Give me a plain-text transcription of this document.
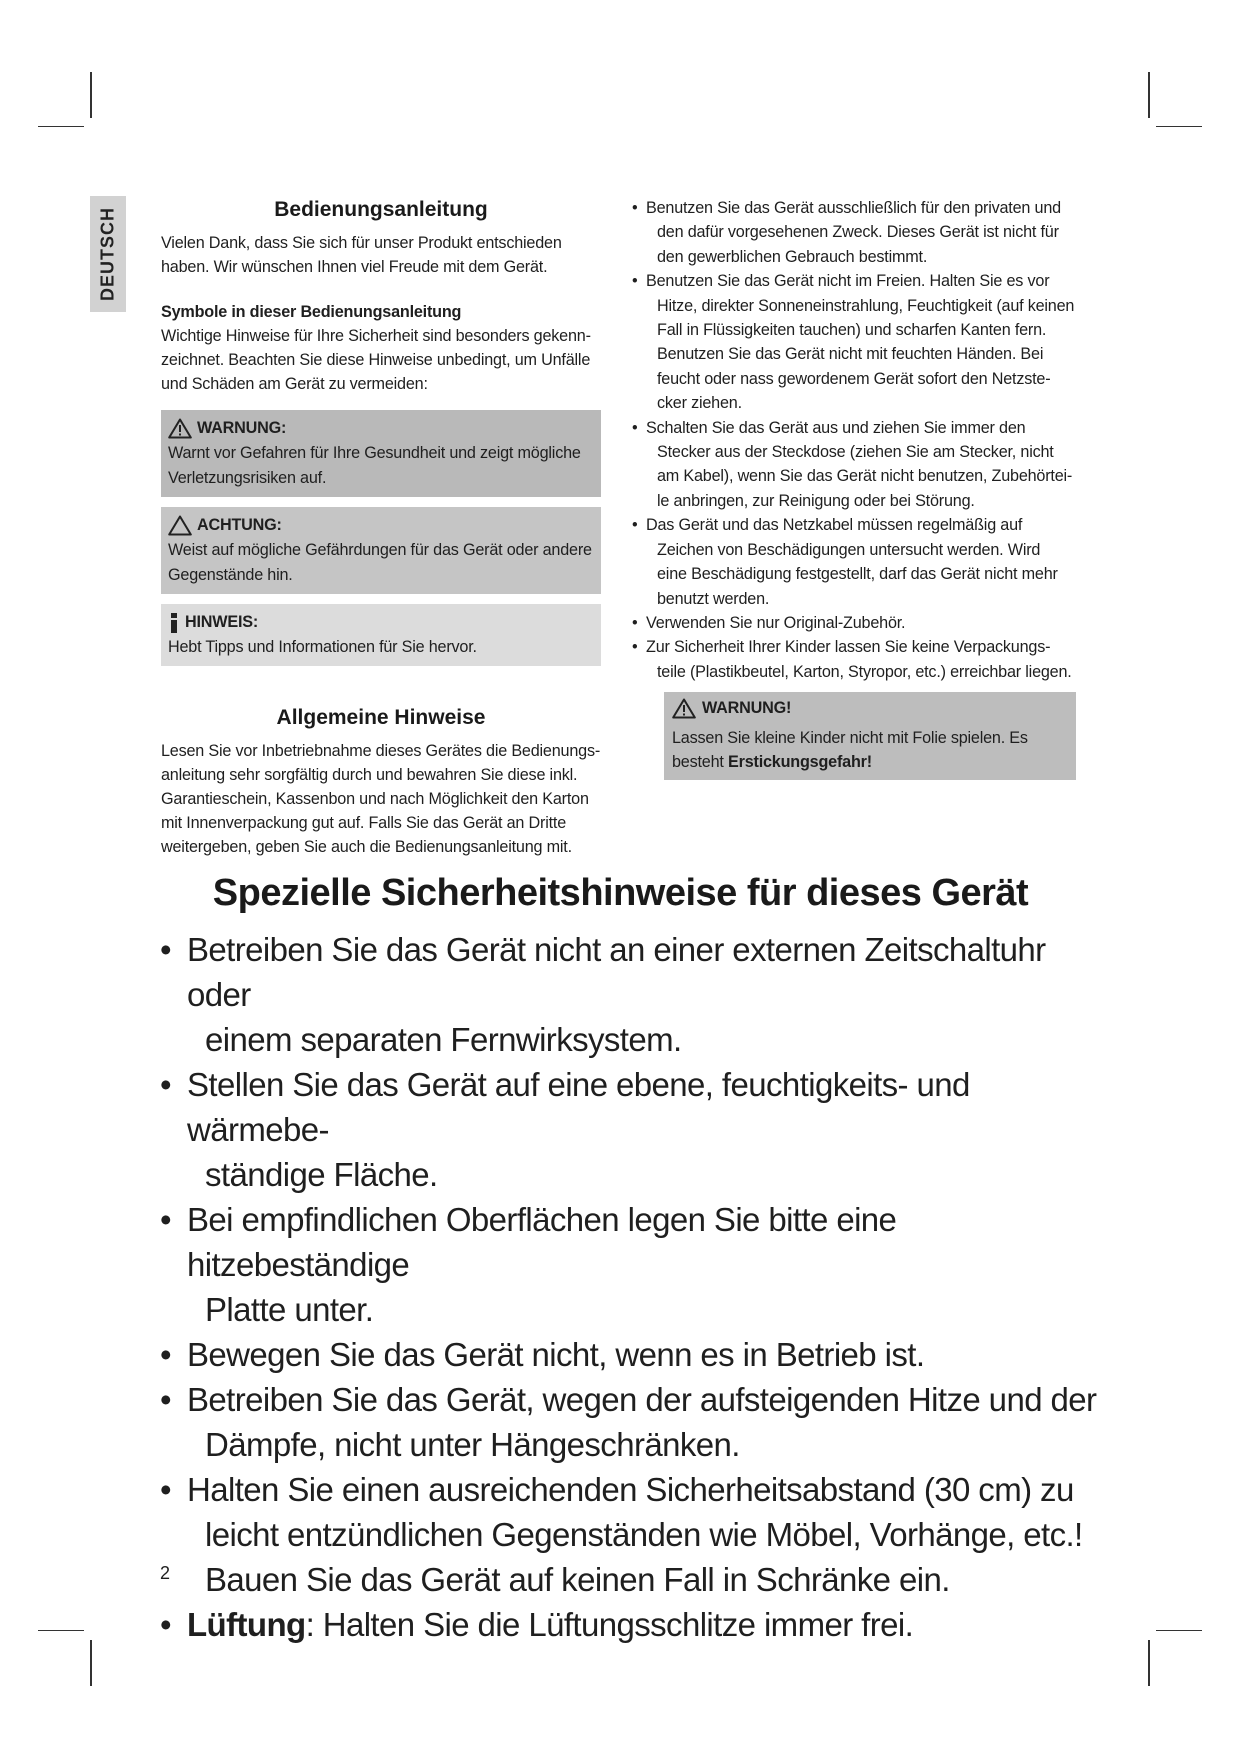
DEUTSCH	Bedienungsanleitung

Vielen Dank, dass Sie sich für unser Produkt entschieden
haben. Wir wünschen Ihnen viel Freude mit dem Gerät.

Symbole in dieser Bedienungsanleitung

Wichtige Hinweise für Ihre Sicherheit sind besonders gekenn-
zeichnet. Beachten Sie diese Hinweise unbedingt, um Unfälle
und Schäden am Gerät zu vermeiden:

WARNUNG:
Warnt vor Gefahren für Ihre Gesundheit und zeigt mögliche
Verletzungsrisiken auf.
ACHTUNG:
Weist auf mögliche Gefährdungen für das Gerät oder andere
Gegenstände hin.
HINWEIS:
Hebt Tipps und Informationen für Sie hervor.
Allgemeine Hinweise

Lesen Sie vor Inbetriebnahme dieses Gerätes die Bedienungs-
anleitung sehr sorgfältig durch und bewahren Sie diese inkl.
Garantieschein, Kassenbon und nach Möglichkeit den Karton
mit Innenverpackung gut auf. Falls Sie das Gerät an Dritte
weitergeben, geben Sie auch die Bedienungsanleitung mit.

• Benutzen Sie das Gerät ausschließlich für den privaten und
den dafür vorgesehenen Zweck. Dieses Gerät ist nicht für
den gewerblichen Gebrauch bestimmt.
• Benutzen Sie das Gerät nicht im Freien. Halten Sie es vor
Hitze, direkter Sonneneinstrahlung, Feuchtigkeit (auf keinen
Fall in Flüssigkeiten tauchen) und scharfen Kanten fern.
Benutzen Sie das Gerät nicht mit feuchten Händen. Bei
feucht oder nass gewordenem Gerät sofort den Netzste-
cker ziehen.
• Schalten Sie das Gerät aus und ziehen Sie immer den
Stecker aus der Steckdose (ziehen Sie am Stecker, nicht
am Kabel), wenn Sie das Gerät nicht benutzen, Zubehörtei-
le anbringen, zur Reinigung oder bei Störung.
• Das Gerät und das Netzkabel müssen regelmäßig auf
Zeichen von Beschädigungen untersucht werden. Wird
eine Beschädigung festgestellt, darf das Gerät nicht mehr
benutzt werden.
• Verwenden Sie nur Original-Zubehör.
• Zur Sicherheit Ihrer Kinder lassen Sie keine Verpackungs-
teile (Plastikbeutel, Karton, Styropor, etc.) erreichbar liegen.
WARNUNG!
Lassen Sie kleine Kinder nicht mit Folie spielen. Es
besteht Erstickungsgefahr!
Spezielle Sicherheitshinweise für dieses Gerät
• Betreiben Sie das Gerät nicht an einer externen Zeitschaltuhr oder
einem separaten Fernwirksystem.
• Stellen Sie das Gerät auf eine ebene, feuchtigkeits- und wärmebe-
ständige Fläche.
• Bei empfindlichen Oberflächen legen Sie bitte eine hitzebeständige
Platte unter.
• Bewegen Sie das Gerät nicht, wenn es in Betrieb ist.
• Betreiben Sie das Gerät, wegen der aufsteigenden Hitze und der
Dämpfe, nicht unter Hängeschränken.
• Halten Sie einen ausreichenden Sicherheitsabstand (30 cm) zu
leicht entzündlichen Gegenständen wie Möbel, Vorhänge, etc.!
Bauen Sie das Gerät auf keinen Fall in Schränke ein.
• Lüftung: Halten Sie die Lüftungsschlitze immer frei.
2
